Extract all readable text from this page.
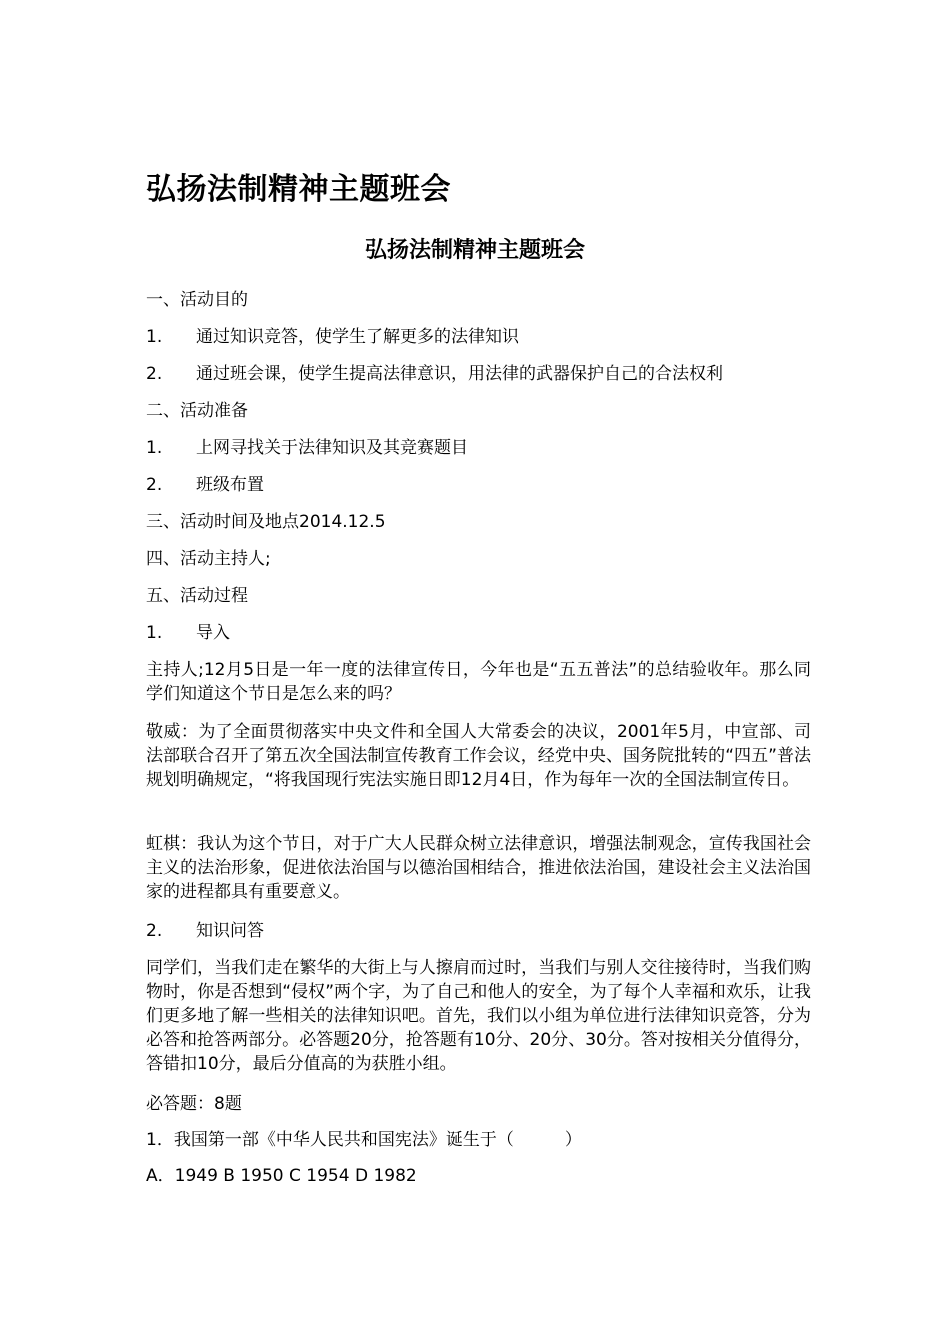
弘扬法制精神主题班会
弘扬法制精神主题班会

一、活动目的

1. 通过知识竞答，使学生了解更多的法律知识

2. 通过班会课，使学生提高法律意识，用法律的武器保护自己的合法权利

二、活动准备

1. 上网寻找关于法律知识及其竞赛题目

2. 班级布置

三、活动时间及地点2014.12.5

四、活动主持人;

五、活动过程

1. 导入

主持人;12月5日是一年一度的法律宣传日，今年也是“五五普法”的总结验收年。那么同学们知道这个节日是怎么来的吗？

敬威：为了全面贯彻落实中央文件和全国人大常委会的决议，2001年5月，中宣部、司法部联合召开了第五次全国法制宣传教育工作会议，经党中央、国务院批转的“四五”普法规划明确规定，“将我国现行宪法实施日即12月4日，作为每年一次的全国法制宣传日。

虹棋：我认为这个节日，对于广大人民群众树立法律意识，增强法制观念，宣传我国社会主义的法治形象，促进依法治国与以德治国相结合，推进依法治国，建设社会主义法治国家的进程都具有重要意义。

2. 知识问答

同学们，当我们走在繁华的大街上与人擦肩而过时，当我们与别人交往接待时，当我们购物时，你是否想到“侵权”两个字，为了自己和他人的安全，为了每个人幸福和欢乐，让我们更多地了解一些相关的法律知识吧。首先，我们以小组为单位进行法律知识竞答，分为必答和抢答两部分。必答题20分，抢答题有10分、20分、30分。答对按相关分值得分，答错扣10分，最后分值高的为获胜小组。

必答题：8题

1．我国第一部《中华人民共和国宪法》诞生于（　　　）

A．1949 B 1950 C 1954 D 1982
